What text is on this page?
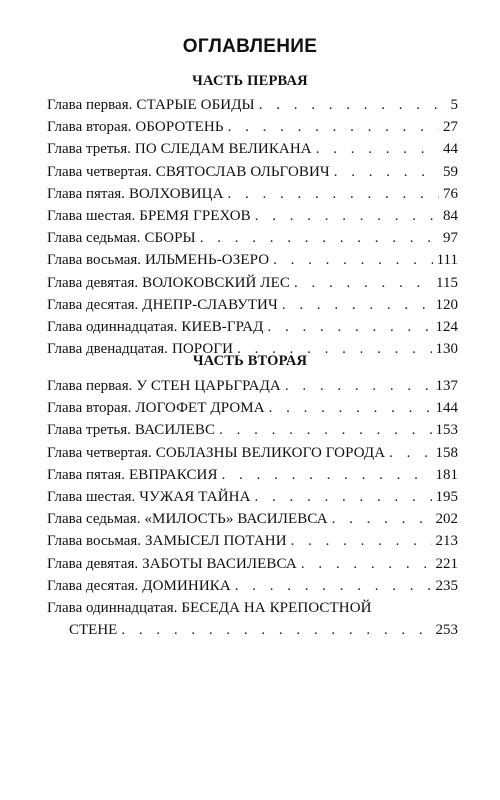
ОГЛАВЛЕНИЕ
ЧАСТЬ ПЕРВАЯ
Глава первая. СТАРЫЕ ОБИДЫ . . .	5
Глава вторая. ОБОРОТЕНЬ . . .	27
Глава третья. ПО СЛЕДАМ ВЕЛИКАНА . . .	44
Глава четвертая. СВЯТОСЛАВ ОЛЬГОВИЧ . . .	59
Глава пятая. ВОЛХОВИЦА . . .	76
Глава шестая. БРЕМЯ ГРЕХОВ . . .	84
Глава седьмая. СБОРЫ . . .	97
Глава восьмая. ИЛЬМЕНЬ-ОЗЕРО . . .	111
Глава девятая. ВОЛОКОВСКИЙ ЛЕС . . .	115
Глава десятая. ДНЕПР-СЛАВУТИЧ . . .	120
Глава одиннадцатая. КИЕВ-ГРАД . . .	124
Глава двенадцатая. ПОРОГИ . . .	130
ЧАСТЬ ВТОРАЯ
Глава первая. У СТЕН ЦАРЬГРАДА . . .	137
Глава вторая. ЛОГОФЕТ ДРОМА . . .	144
Глава третья. ВАСИЛЕВС . . .	153
Глава четвертая. СОБЛАЗНЫ ВЕЛИКОГО ГОРОДА . . .	158
Глава пятая. ЕВПРАКСИЯ . . .	181
Глава шестая. ЧУЖАЯ ТАЙНА . . .	195
Глава седьмая. «МИЛОСТЬ» ВАСИЛЕВСА . . .	202
Глава восьмая. ЗАМЫСЕЛ ПОТАНИ . . .	213
Глава девятая. ЗАБОТЫ ВАСИЛЕВСА . . .	221
Глава десятая. ДОМИНИКА . . .	235
Глава одиннадцатая. БЕСЕДА НА КРЕПОСТНОЙ
СТЕНЕ . . .	253
